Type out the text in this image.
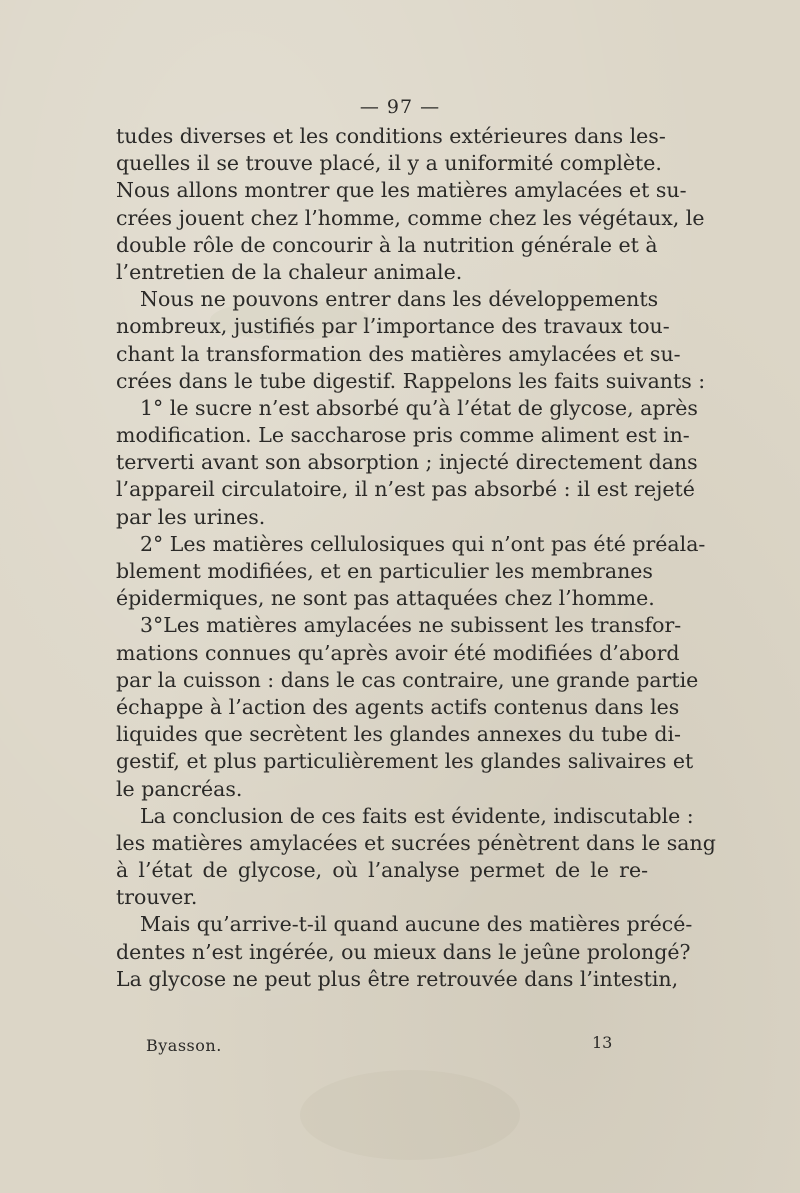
— 97 —
tudes diverses et les conditions extérieures dans les-
quelles il se trouve placé, il y a uniformité complète.
Nous allons montrer que les matières amylacées et su-
crées jouent chez l’homme, comme chez les végétaux, le
double rôle de concourir à la nutrition générale et à
l’entretien de la chaleur animale.
Nous ne pouvons entrer dans les développements
nombreux, justifiés par l’importance des travaux tou-
chant la transformation des matières amylacées et su-
crées dans le tube digestif. Rappelons les faits suivants :
1° le sucre n’est absorbé qu’à l’état de glycose, après
modification. Le saccharose pris comme aliment est in-
terverti avant son absorption ; injecté directement dans
l’appareil circulatoire, il n’est pas absorbé : il est rejeté
par les urines.
2° Les matières cellulosiques qui n’ont pas été préala-
blement modifiées, et en particulier les membranes
épidermiques, ne sont pas attaquées chez l’homme.
3°Les matières amylacées ne subissent les transfor-
mations connues qu’après avoir été modifiées d’abord
par la cuisson : dans le cas contraire, une grande partie
échappe à l’action des agents actifs contenus dans les
liquides que secrètent les glandes annexes du tube di-
gestif, et plus particulièrement les glandes salivaires et
le pancréas.
La conclusion de ces faits est évidente, indiscutable :
les matières amylacées et sucrées pénètrent dans le sang
à l’état de glycose, où l’analyse permet de le re-
trouver.
Mais qu’arrive-t-il quand aucune des matières précé-
dentes n’est ingérée, ou mieux dans le jeûne prolongé?
La glycose ne peut plus être retrouvée dans l’intestin,
Byasson.	13
